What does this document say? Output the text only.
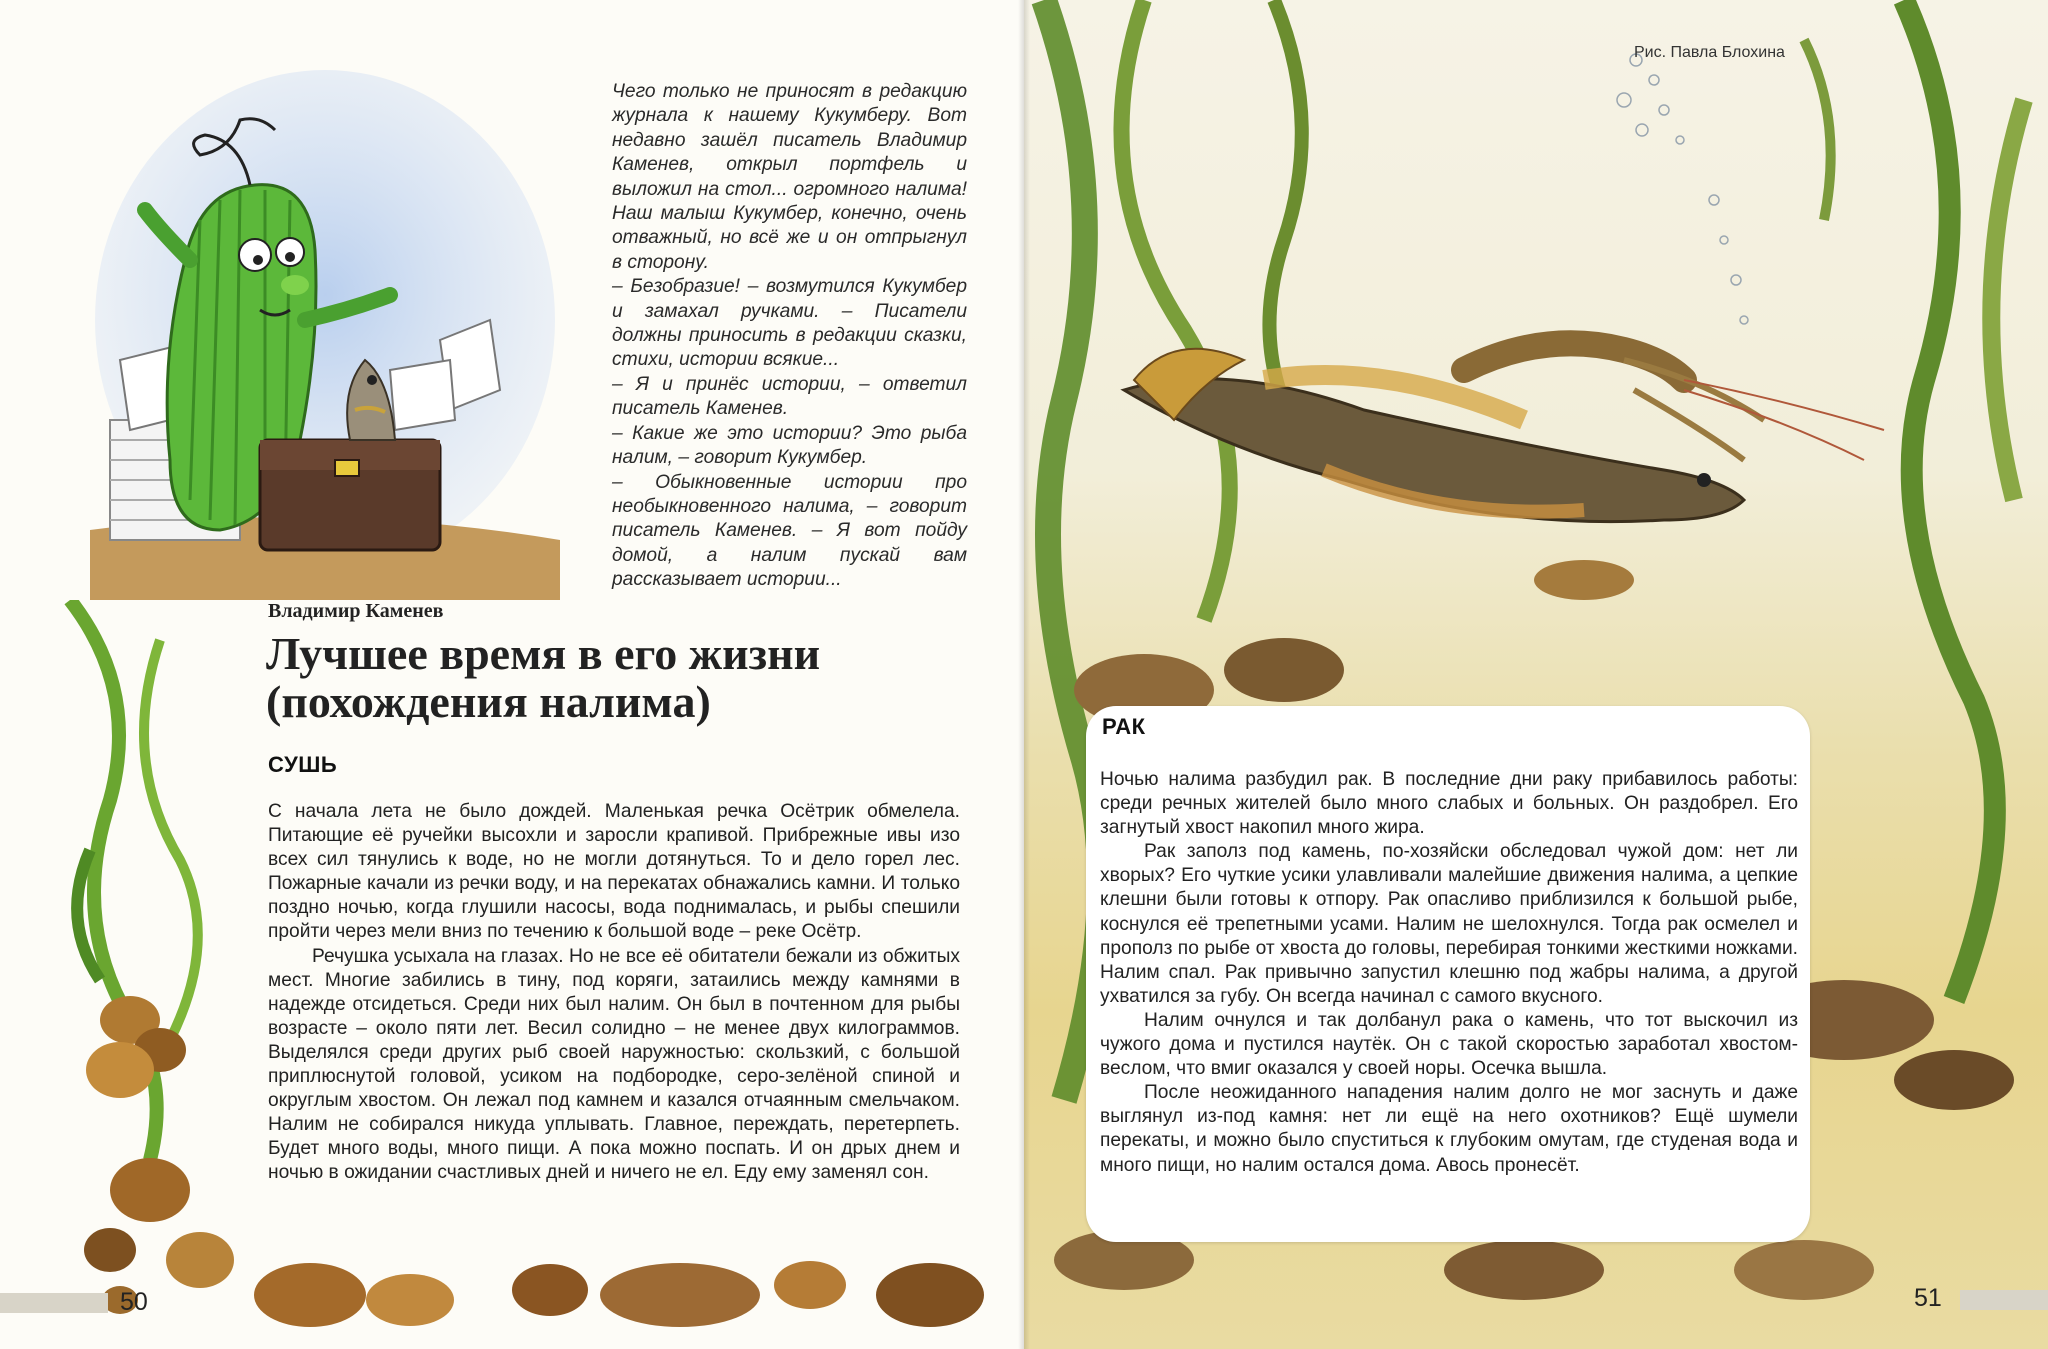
Чего только не приносят в редакцию журнала к нашему Кукумберу. Вот недавно зашёл писатель Владимир Каменев, открыл портфель и выложил на стол... огромного налима! Наш малыш Кукумбер, конечно, очень отважный, но всё же и он отпрыгнул в сторону.

– Безобразие! – возмутился Кукумбер и замахал ручками. – Писатели должны приносить в редакции сказки, стихи, истории всякие...

– Я и принёс истории, – ответил писатель Каменев.

– Какие же это истории? Это рыба налим, – говорит Кукумбер.

– Обыкновенные истории про необыкновенного налима, – говорит писатель Каменев. – Я вот пойду домой, а налим пускай вам рассказывает истории...

Владимир Каменев
Лучшее время в его жизни
(похождения налима)
СУШЬ

С начала лета не было дождей. Маленькая речка Осётрик обмелела. Питающие её ручейки высохли и заросли крапивой. Прибрежные ивы изо всех сил тянулись к воде, но не могли дотянуться. То и дело горел лес. Пожарные качали из речки воду, и на перекатах обнажались камни. И только поздно ночью, когда глушили насосы, вода поднималась, и рыбы спешили пройти через мели вниз по течению к большой воде – реке Осётр.

Речушка усыхала на глазах. Но не все её обитатели бежали из обжитых мест. Многие забились в тину, под коряги, затаились между камнями в надежде отсидеться. Среди них был налим. Он был в почтенном для рыбы возрасте – около пяти лет. Весил солидно – не менее двух килограммов. Выделялся среди других рыб своей наружностью: скользкий, с большой приплюснутой головой, усиком на подбородке, серо-зелёной спиной и округлым хвостом. Он лежал под камнем и казался отчаянным смельчаком. Налим не собирался никуда уплывать. Главное, переждать, перетерпеть. Будет много воды, много пищи. А пока можно поспать. И он дрых днем и ночью в ожидании счастливых дней и ничего не ел. Еду ему заменял сон.

50
Рис. Павла Блохина
51
РАК

Ночью налима разбудил рак. В последние дни раку прибавилось работы: среди речных жителей было много слабых и больных. Он раздобрел. Его загнутый хвост накопил много жира.

Рак заполз под камень, по-хозяйски обследовал чужой дом: нет ли хворых? Его чуткие усики улавливали малейшие движения налима, а цепкие клешни были готовы к отпору. Рак опасливо приблизился к большой рыбе, коснулся её трепетными усами. Налим не шелохнулся. Тогда рак осмелел и прополз по рыбе от хвоста до головы, перебирая тонкими жесткими ножками. Налим спал. Рак привычно запустил клешню под жабры налима, а другой ухватился за губу. Он всегда начинал с самого вкусного.

Налим очнулся и так долбанул рака о камень, что тот выскочил из чужого дома и пустился наутёк. Он с такой скоростью заработал хвостом-веслом, что вмиг оказался у своей норы. Осечка вышла.

После неожиданного нападения налим долго не мог заснуть и даже выглянул из-под камня: нет ли ещё на него охотников? Ещё шумели перекаты, и можно было спуститься к глубоким омутам, где студеная вода и много пищи, но налим остался дома. Авось пронесёт.
